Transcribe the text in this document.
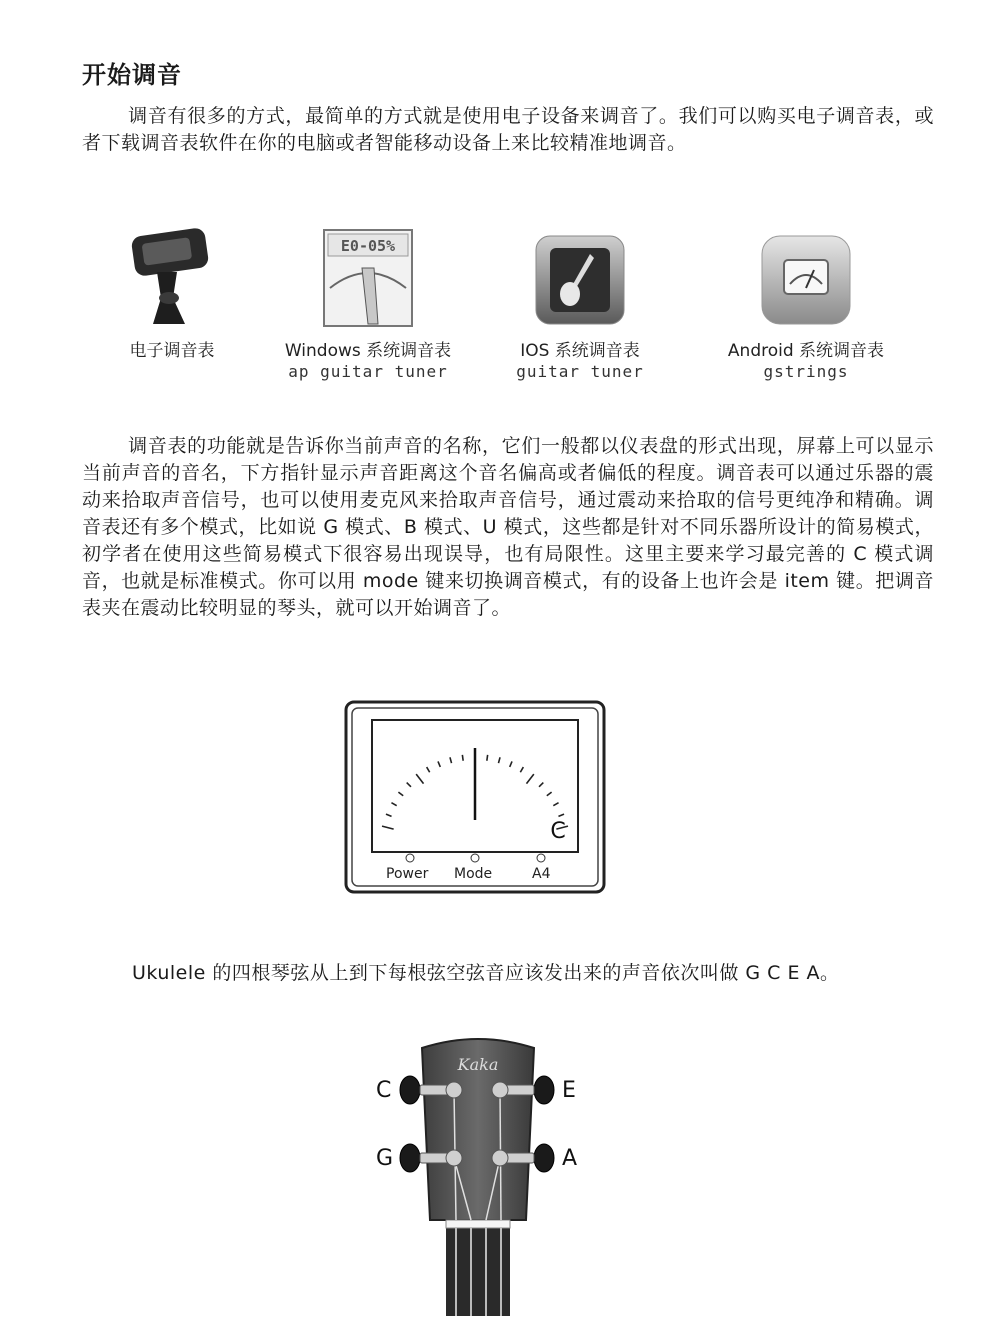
开始调音
调音有很多的方式，最简单的方式就是使用电子设备来调音了。我们可以购买电子调音表，或者下载调音表软件在你的电脑或者智能移动设备上来比较精准地调音。
电子调音表
E0-05%
Windows 系统调音表
ap guitar tuner
IOS 系统调音表
guitar tuner
Android 系统调音表
gstrings
调音表的功能就是告诉你当前声音的名称，它们一般都以仪表盘的形式出现，屏幕上可以显示当前声音的音名，下方指针显示声音距离这个音名偏高或者偏低的程度。调音表可以通过乐器的震动来拾取声音信号，也可以使用麦克风来拾取声音信号，通过震动来拾取的信号更纯净和精确。调音表还有多个模式，比如说 G 模式、B 模式、U 模式，这些都是针对不同乐器所设计的简易模式，初学者在使用这些简易模式下很容易出现误导，也有局限性。这里主要来学习最完善的 C 模式调音，也就是标准模式。你可以用 mode 键来切换调音模式，有的设备上也许会是 item 键。把调音表夹在震动比较明显的琴头，就可以开始调音了。
C
Power Mode	A4
Ukulele 的四根琴弦从上到下每根弦空弦音应该发出来的声音依次叫做 G C E A。
Kaka
C	E
G	A
